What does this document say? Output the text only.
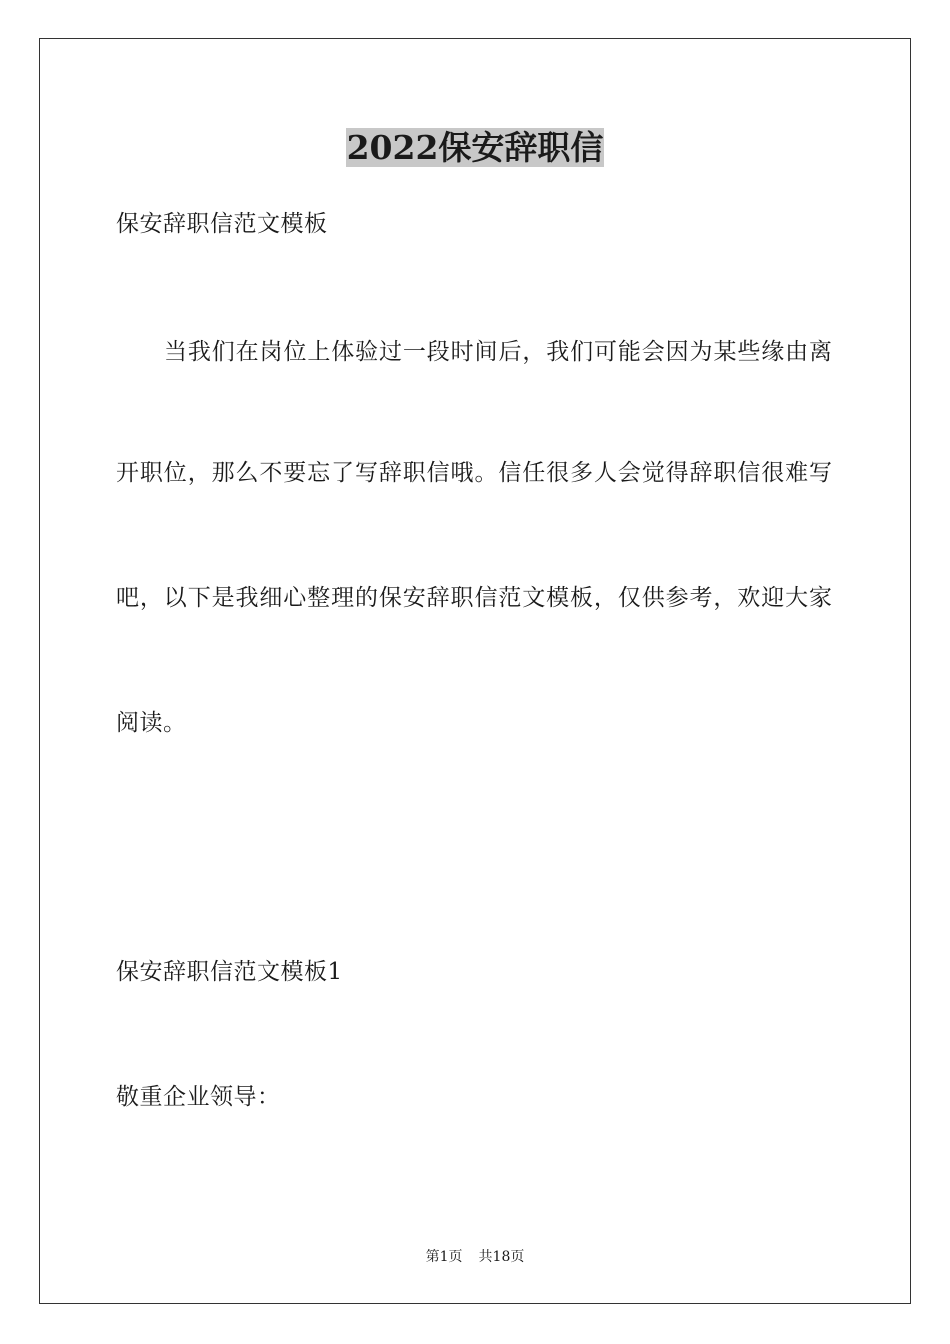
2022保安辞职信
保安辞职信范文模板
当我们在岗位上体验过一段时间后，我们可能会因为某些缘由离
开职位，那么不要忘了写辞职信哦。信任很多人会觉得辞职信很难写
吧，以下是我细心整理的保安辞职信范文模板，仅供参考，欢迎大家
阅读。
保安辞职信范文模板1
敬重企业领导：
第1页 共18页
